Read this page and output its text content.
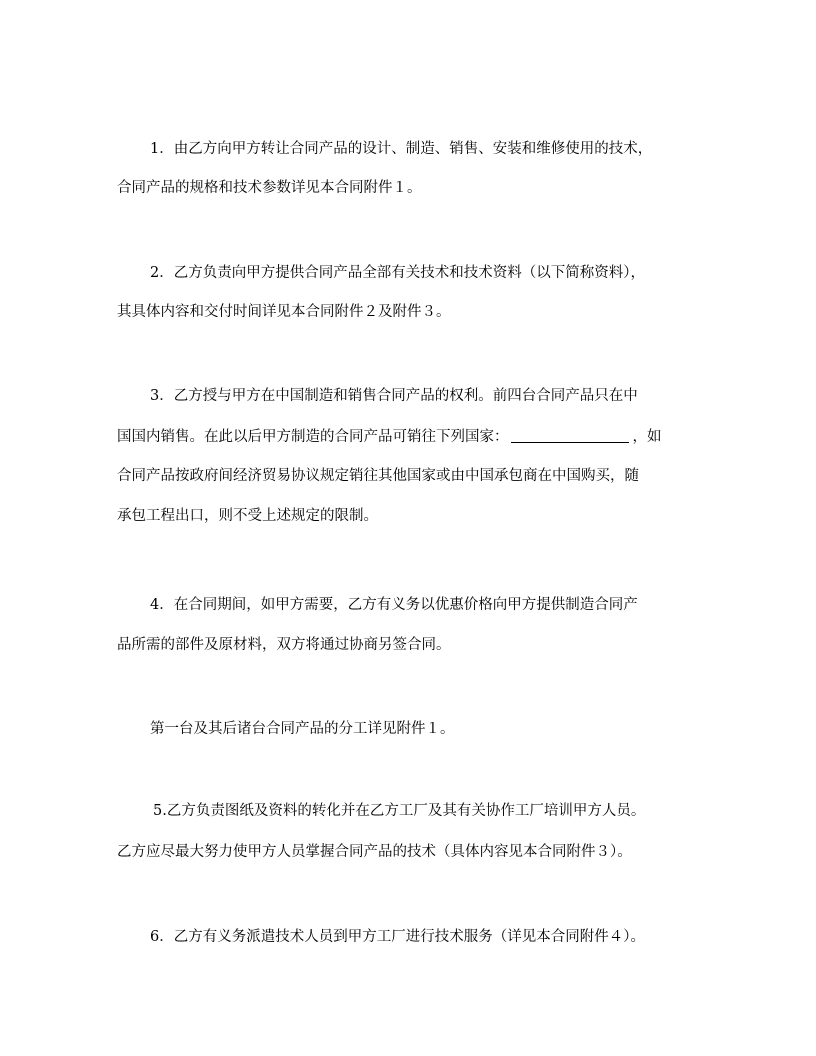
1．由乙方向甲方转让合同产品的设计、制造、销售、安装和维修使用的技术，
合同产品的规格和技术参数详见本合同附件１。
2．乙方负责向甲方提供合同产品全部有关技术和技术资料（以下简称资料），
其具体内容和交付时间详见本合同附件２及附件３。
3．乙方授与甲方在中国制造和销售合同产品的权利。前四台合同产品只在中
国国内销售。在此以后甲方制造的合同产品可销往下列国家：	，如
合同产品按政府间经济贸易协议规定销往其他国家或由中国承包商在中国购买，随
承包工程出口，则不受上述规定的限制。
4．在合同期间，如甲方需要，乙方有义务以优惠价格向甲方提供制造合同产
品所需的部件及原材料，双方将通过协商另签合同。
第一台及其后诸台合同产品的分工详见附件１。
5.乙方负责图纸及资料的转化并在乙方工厂及其有关协作工厂培训甲方人员。
乙方应尽最大努力使甲方人员掌握合同产品的技术（具体内容见本合同附件３）。
6．乙方有义务派遣技术人员到甲方工厂进行技术服务（详见本合同附件４）。
